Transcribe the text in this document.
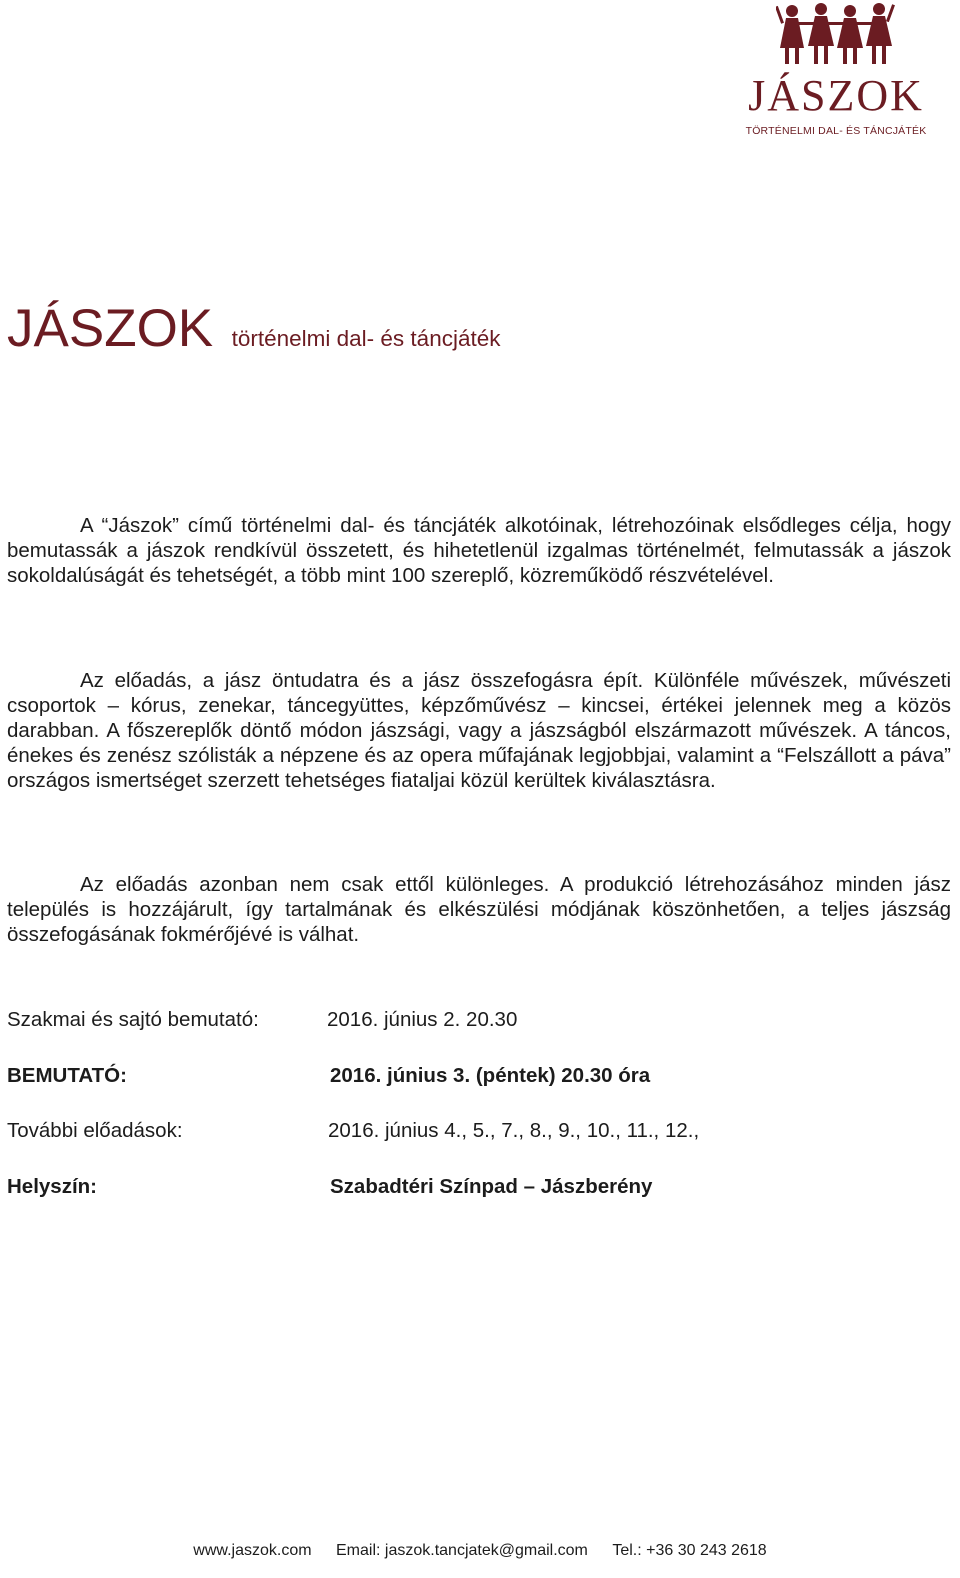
JÁSZOK
TÖRTÉNELMI DAL- ÉS TÁNCJÁTÉK
JÁSZOK történelmi dal- és táncjáték

A “Jászok” című történelmi dal- és táncjáték alkotóinak, létrehozóinak elsődleges célja, hogy bemutassák a jászok rendkívül összetett, és hihetetlenül izgalmas történelmét, felmutassák a jászok sokoldalúságát és tehetségét, a több mint 100 szereplő, közreműködő részvételével.

Az előadás, a jász öntudatra és a jász összefogásra épít. Különféle művészek, művészeti csoportok – kórus, zenekar, táncegyüttes, képzőművész – kincsei, értékei jelennek meg a közös darabban. A főszereplők döntő módon jászsági, vagy a jászságból elszármazott művészek. A táncos, énekes és zenész szólisták a népzene és az opera műfajának legjobbjai, valamint a “Felszállott a páva” országos ismertséget szerzett tehetséges fiataljai közül kerültek kiválasztásra.

Az előadás azonban nem csak ettől különleges. A produkció létrehozásához minden jász település is hozzájárult, így tartalmának és elkészülési módjának köszönhetően, a teljes jászság összefogásának fokmérőjévé is válhat.

Szakmai és sajtó bemutató:	2016. június 2. 20.30
BEMUTATÓ:	2016. június 3. (péntek) 20.30 óra
További előadások:	2016. június 4., 5., 7., 8., 9., 10., 11., 12.,
Helyszín:	Szabadtéri Színpad – Jászberény
www.jaszok.com Email: jaszok.tancjatek@gmail.com Tel.: +36 30 243 2618
